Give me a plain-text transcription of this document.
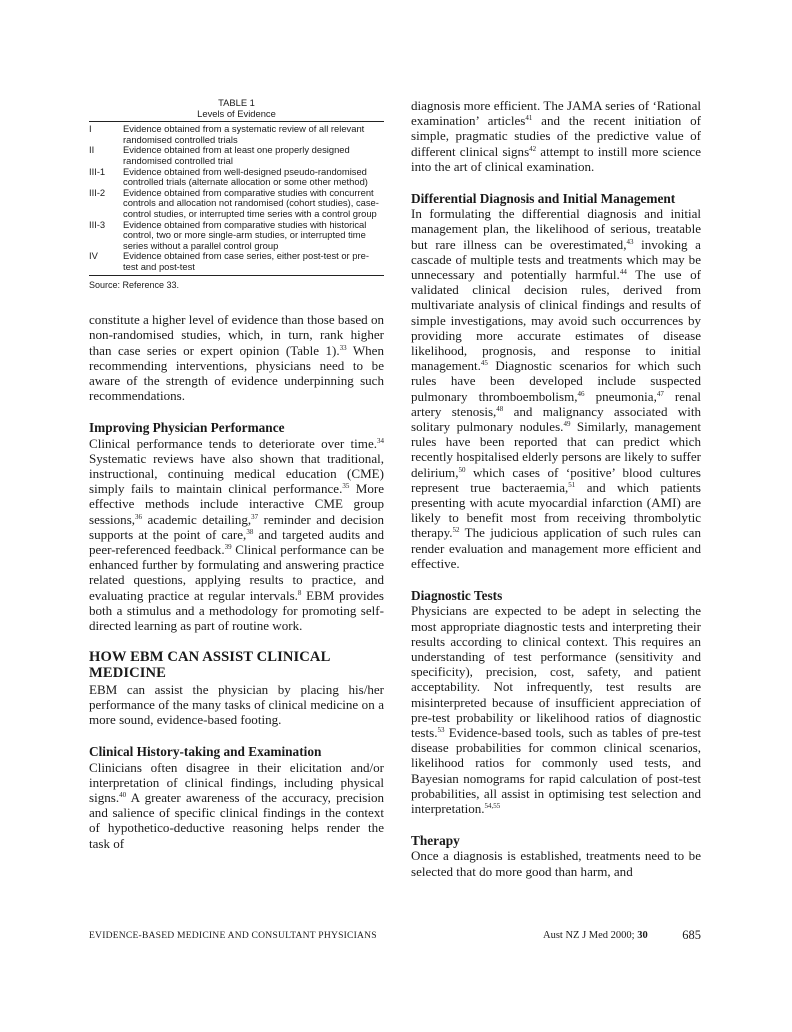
TABLE 1
Levels of Evidence
I	Evidence obtained from a systematic review of all relevant randomised controlled trials
II	Evidence obtained from at least one properly designed randomised controlled trial
III-1	Evidence obtained from well-designed pseudo-randomised controlled trials (alternate allocation or some other method)
III-2	Evidence obtained from comparative studies with concurrent controls and allocation not randomised (cohort studies), case-control studies, or interrupted time series with a control group
III-3	Evidence obtained from comparative studies with historical control, two or more single-arm studies, or interrupted time series without a parallel control group
IV	Evidence obtained from case series, either post-test or pre-test and post-test
Source: Reference 33.

constitute a higher level of evidence than those based on non-randomised studies, which, in turn, rank higher than case series or expert opinion (Table 1).$^{33}$ When recommending interventions, physicians need to be aware of the strength of evidence underpinning such recommendations.

Improving Physician Performance

Clinical performance tends to deteriorate over time.$^{34}$ Systematic reviews have also shown that traditional, instructional, continuing medical education (CME) simply fails to maintain clinical performance.$^{35}$ More effective methods include interactive CME group sessions,$^{36}$ academic detailing,$^{37}$ reminder and decision supports at the point of care,$^{38}$ and targeted audits and peer-referenced feedback.$^{39}$ Clinical performance can be enhanced further by formulating and answering practice related questions, applying results to practice, and evaluating practice at regular intervals.$^8$ EBM provides both a stimulus and a methodology for promoting self-directed learning as part of routine work.

HOW EBM CAN ASSIST CLINICAL MEDICINE

EBM can assist the physician by placing his/her performance of the many tasks of clinical medicine on a more sound, evidence-based footing.

Clinical History-taking and Examination

Clinicians often disagree in their elicitation and/or interpretation of clinical findings, including physical signs.$^{40}$ A greater awareness of the accuracy, precision and salience of specific clinical findings in the context of hypothetico-deductive reasoning helps render the task of

diagnosis more efficient. The JAMA series of ‘Rational examination’ articles$^{41}$ and the recent initiation of simple, pragmatic studies of the predictive value of different clinical signs$^{42}$ attempt to instill more science into the art of clinical examination.

Differential Diagnosis and Initial Management

In formulating the differential diagnosis and initial management plan, the likelihood of serious, treatable but rare illness can be overestimated,$^{43}$ invoking a cascade of multiple tests and treatments which may be unnecessary and potentially harmful.$^{44}$ The use of validated clinical decision rules, derived from multivariate analysis of clinical findings and results of simple investigations, may avoid such occurrences by providing more accurate estimates of disease likelihood, prognosis, and response to initial management.$^{45}$ Diagnostic scenarios for which such rules have been developed include suspected pulmonary thromboembolism,$^{46}$ pneumonia,$^{47}$ renal artery stenosis,$^{48}$ and malignancy associated with solitary pulmonary nodules.$^{49}$ Similarly, management rules have been reported that can predict which recently hospitalised elderly persons are likely to suffer delirium,$^{50}$ which cases of ‘positive’ blood cultures represent true bacteraemia,$^{51}$ and which patients presenting with acute myocardial infarction (AMI) are likely to benefit most from receiving thrombolytic therapy.$^{52}$ The judicious application of such rules can render evaluation and management more efficient and effective.

Diagnostic Tests

Physicians are expected to be adept in selecting the most appropriate diagnostic tests and interpreting their results according to clinical context. This requires an understanding of test performance (sensitivity and specificity), precision, cost, safety, and patient acceptability. Not infrequently, test results are misinterpreted because of insufficient appreciation of pre-test probability or likelihood ratios of diagnostic tests.$^{53}$ Evidence-based tools, such as tables of pre-test disease probabilities for common clinical scenarios, likelihood ratios for commonly used tests, and Bayesian nomograms for rapid calculation of post-test probabilities, all assist in optimising test selection and interpretation.$^{54,55}$

Therapy

Once a diagnosis is established, treatments need to be selected that do more good than harm, and

EVIDENCE-BASED MEDICINE AND CONSULTANT PHYSICIANS	Aust NZ J Med 2000; 30	685
